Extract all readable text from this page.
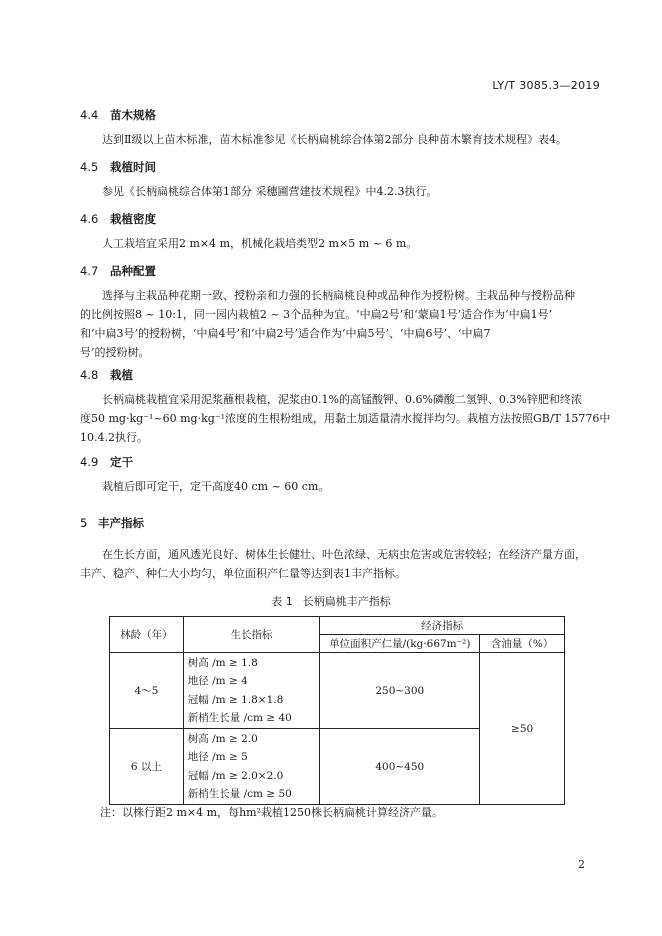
LY/T 3085.3—2019
4.4 苗木规格
达到Ⅱ级以上苗木标准，苗木标准参见《长柄扁桃综合体第2部分 良种苗木繁育技术规程》表4。
4.5 栽植时间
参见《长柄扁桃综合体第1部分 采穗圃营建技术规程》中4.2.3执行。
4.6 栽植密度
人工栽培宜采用2 m×4 m，机械化栽培类型2 m×5 m ~ 6 m。
4.7 品种配置
选择与主栽品种花期一致、授粉亲和力强的长柄扁桃良种或品种作为授粉树。主栽品种与授粉品种
的比例按照8 ~ 10:1，同一园内栽植2 ~ 3个品种为宜。‘中扁2号’和‘蒙扁1号’适合作为‘中扁1号’
和‘中扁3号’的授粉树，‘中扁4号’和‘中扁2号’适合作为‘中扁5号’、‘中扁6号’、‘中扁7
号’的授粉树。
4.8 栽植
长柄扁桃栽植宜采用泥浆蘸根栽植，泥浆由0.1%的高锰酸钾、0.6%磷酸二氢钾、0.3%锌肥和终浓
度50 mg·kg⁻¹~60 mg·kg⁻¹浓度的生根粉组成，用黏土加适量清水搅拌均匀。栽植方法按照GB/T 15776中
10.4.2执行。
4.9 定干
栽植后即可定干，定干高度40 cm ~ 60 cm。
5 丰产指标
在生长方面，通风透光良好、树体生长健壮、叶色浓绿、无病虫危害或危害较轻；在经济产量方面，
丰产、稳产、种仁大小均匀，单位面积产仁量等达到表1丰产指标。
表 1 长柄扁桃丰产指标
林龄（年）	生长指标	经济指标	
		单位面积产仁量/(kg·667m⁻²)	含油量（%）
4～5	树高 /m ≥ 1.8
地径 /m ≥ 4
冠幅 /m ≥ 1.8×1.8
新梢生长量 /cm ≥ 40	250~300	≥50
6 以上	树高 /m ≥ 2.0
地径 /m ≥ 5
冠幅 /m ≥ 2.0×2.0
新梢生长量 /cm ≥ 50	400~450	
注：以株行距2 m×4 m，每hm²栽植1250株长柄扁桃计算经济产量。
2
